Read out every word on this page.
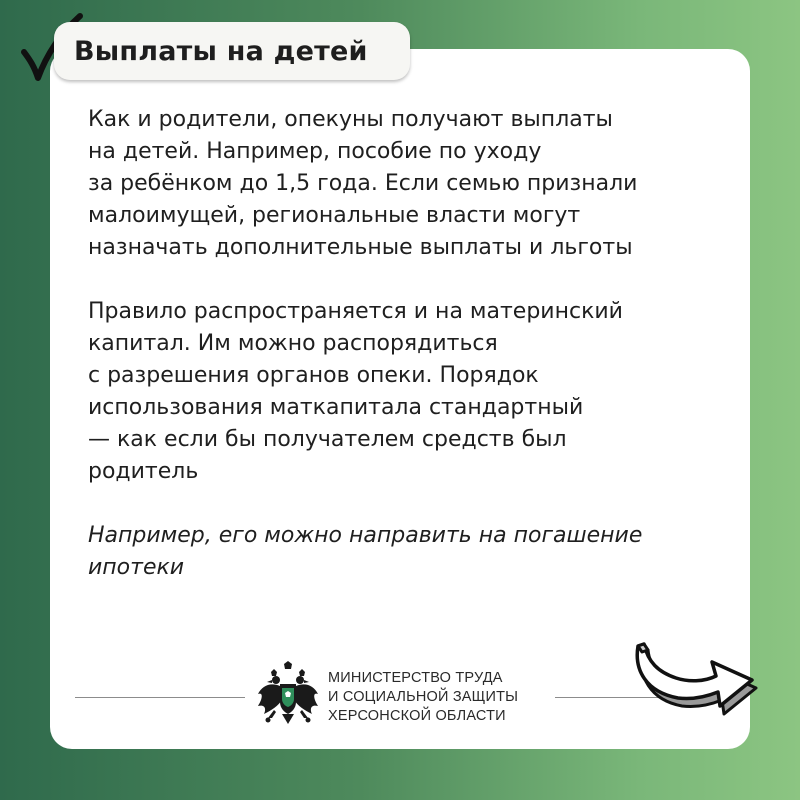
Выплаты на детей

Как и родители, опекуны получают выплаты
на детей. Например, пособие по уходу
за ребёнком до 1,5 года. Если семью признали
малоимущей, региональные власти могут
назначать дополнительные выплаты и льготы

Правило распространяется и на материнский
капитал. Им можно распорядиться
с разрешения органов опеки. Порядок
использования маткапитала стандартный
— как если бы получателем средств был
родитель

Например, его можно направить на погашение
ипотеки

МИНИСТЕРСТВО ТРУДА
И СОЦИАЛЬНОЙ ЗАЩИТЫ
ХЕРСОНСКОЙ ОБЛАСТИ
